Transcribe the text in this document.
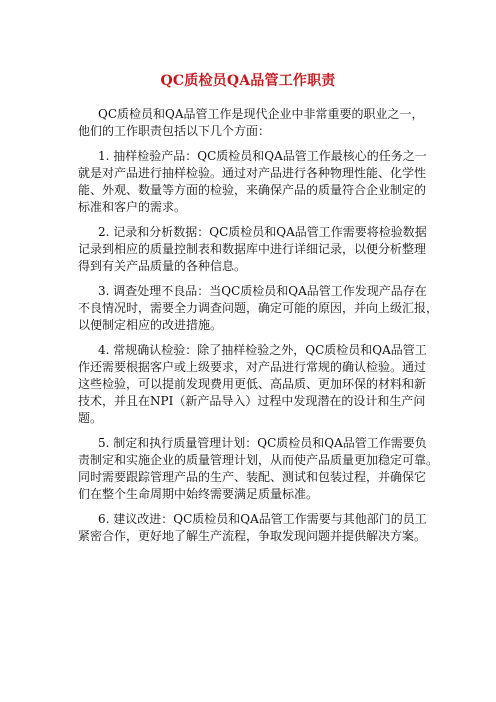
QC质检员QA品管工作职责
QC质检员和QA品管工作是现代企业中非常重要的职业之一，
他们的工作职责包括以下几个方面：
1. 抽样检验产品：QC质检员和QA品管工作最核心的任务之一
就是对产品进行抽样检验。通过对产品进行各种物理性能、化学性
能、外观、数量等方面的检验，来确保产品的质量符合企业制定的
标准和客户的需求。
2. 记录和分析数据：QC质检员和QA品管工作需要将检验数据
记录到相应的质量控制表和数据库中进行详细记录，以便分析整理
得到有关产品质量的各种信息。
3. 调查处理不良品：当QC质检员和QA品管工作发现产品存在
不良情况时，需要全力调查问题，确定可能的原因，并向上级汇报，
以便制定相应的改进措施。
4. 常规确认检验：除了抽样检验之外，QC质检员和QA品管工
作还需要根据客户或上级要求，对产品进行常规的确认检验。通过
这些检验，可以提前发现费用更低、高品质、更加环保的材料和新
技术，并且在NPI（新产品导入）过程中发现潜在的设计和生产问
题。
5. 制定和执行质量管理计划：QC质检员和QA品管工作需要负
责制定和实施企业的质量管理计划，从而使产品质量更加稳定可靠。
同时需要跟踪管理产品的生产、装配、测试和包装过程，并确保它
们在整个生命周期中始终需要满足质量标准。
6. 建议改进：QC质检员和QA品管工作需要与其他部门的员工
紧密合作，更好地了解生产流程，争取发现问题并提供解决方案。
